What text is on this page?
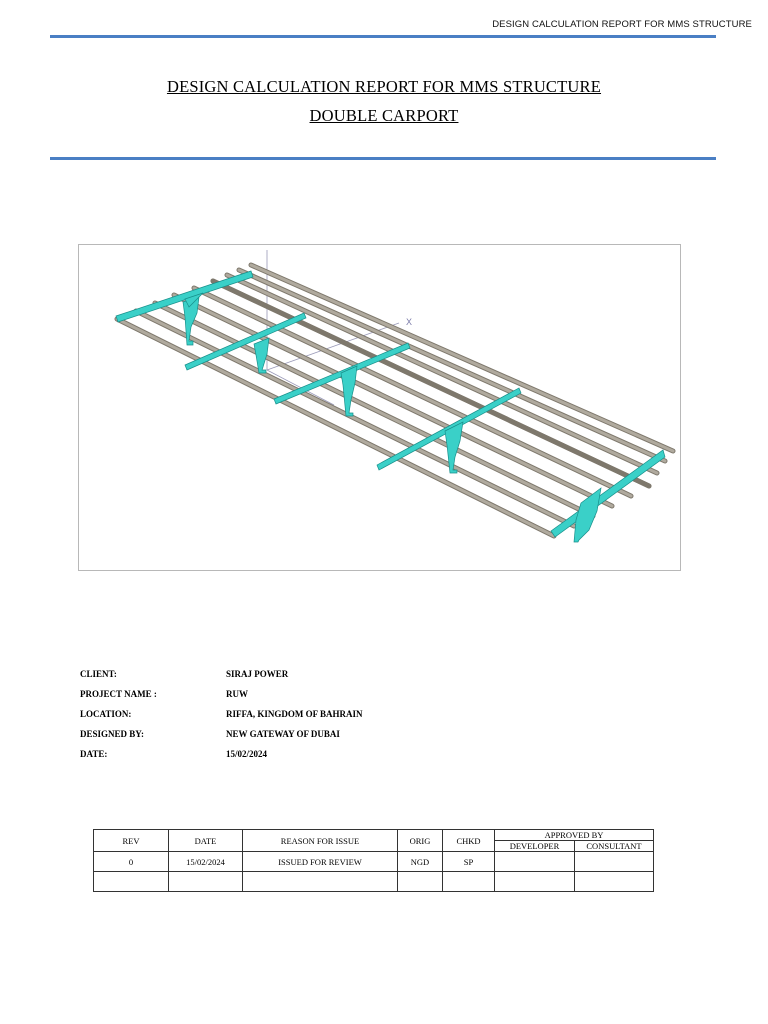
DESIGN CALCULATION REPORT FOR MMS STRUCTURE
DESIGN CALCULATION REPORT FOR MMS STRUCTURE
DOUBLE CARPORT
X
CLIENT:	SIRAJ POWER
PROJECT NAME :	RUW
LOCATION:	RIFFA, KINGDOM OF BAHRAIN
DESIGNED BY:	NEW GATEWAY OF DUBAI
DATE:	15/02/2024
REV	DATE	REASON FOR ISSUE	ORIG	CHKD	APPROVED BY	
					DEVELOPER	CONSULTANT
0	15/02/2024	ISSUED FOR REVIEW	NGD	SP		
